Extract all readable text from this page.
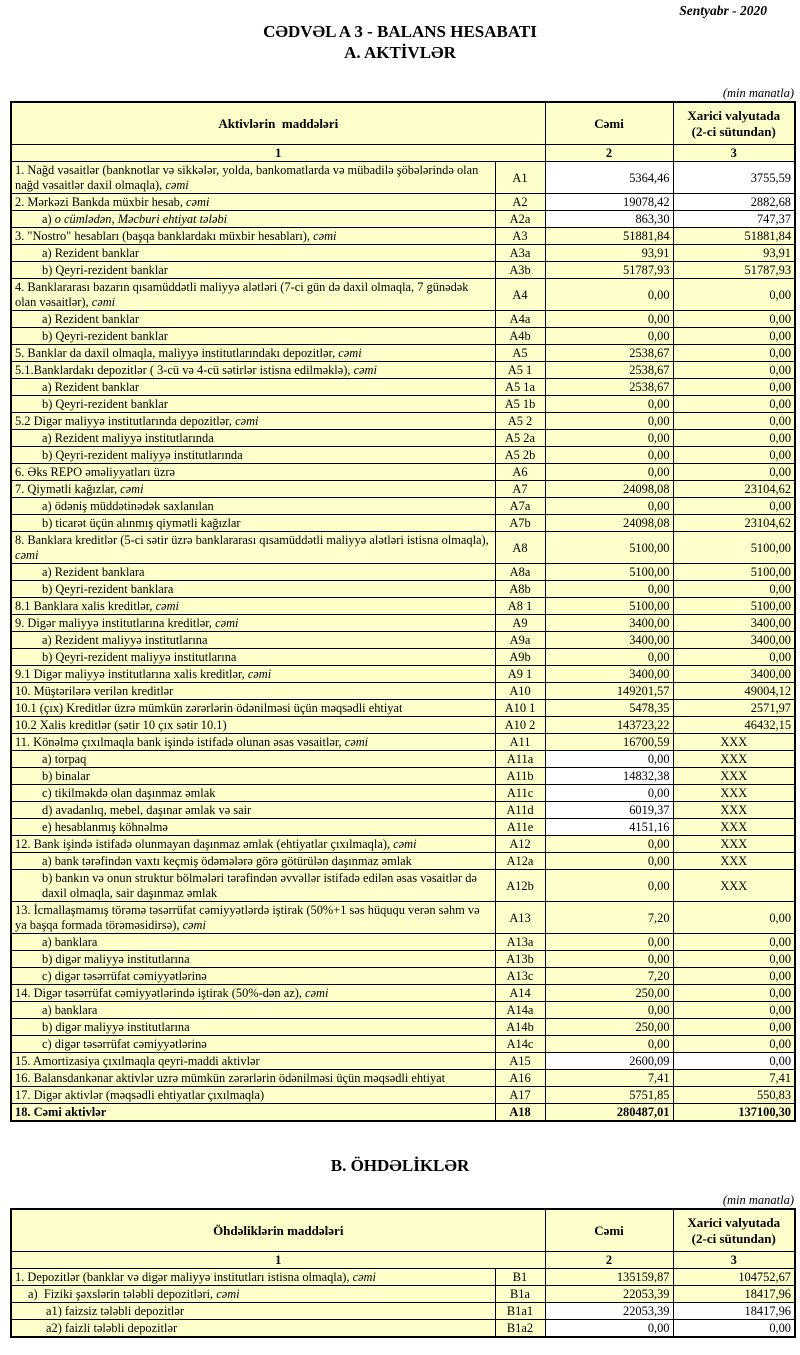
Sentyabr - 2020
CƏDVƏL A 3 - BALANS HESABATI
A. AKTİVLƏR
(min manatla)
Aktivlərin  maddələri		Cəmi	Xarici valyutada
(2-ci sütundan)

1		2	3
1. Nağd vəsaitlər (banknotlar və sikkələr, yolda, bankomatlarda və mübadilə şöbələrində olan nağd vəsaitlər daxil olmaqla), cəmi	A1	5364,46	3755,59
2. Mərkəzi Bankda müxbir hesab, cəmi	A2	19078,42	2882,68
a) o cümlədən, Məcburi ehtiyat tələbi	A2a	863,30	747,37
3. "Nostro" hesabları (başqa banklardakı müxbir hesabları), cəmi	A3	51881,84	51881,84
a) Rezident banklar	A3a	93,91	93,91
b) Qeyri-rezident banklar	A3b	51787,93	51787,93
4. Banklararası bazarın qısamüddətli maliyyə alətləri (7-ci gün də daxil olmaqla, 7 günədək olan vəsaitlər), cəmi	A4	0,00	0,00
a) Rezident banklar	A4a	0,00	0,00
b) Qeyri-rezident banklar	A4b	0,00	0,00
5. Banklar da daxil olmaqla, maliyyə institutlarındakı depozitlər, cəmi	A5	2538,67	0,00
5.1.Banklardakı depozitlər ( 3-cü və 4-cü sətirlər istisna edilməklə), cəmi	A5 1	2538,67	0,00
a) Rezident banklar	A5 1a	2538,67	0,00
b) Qeyri-rezident banklar	A5 1b	0,00	0,00
5.2 Digər maliyyə institutlarında depozitlər, cəmi	A5 2	0,00	0,00
a) Rezident maliyyə institutlarında	A5 2a	0,00	0,00
b) Qeyri-rezident maliyyə institutlarında	A5 2b	0,00	0,00
6. Əks REPO əməliyyatları üzrə	A6	0,00	0,00
7. Qiymətli kağızlar, cəmi	A7	24098,08	23104,62
a) ödəniş müddətinədək saxlanılan	A7a	0,00	0,00
b) ticarət üçün alınmış qiymətli kağızlar	A7b	24098,08	23104,62
8. Banklara kreditlər (5-ci sətir üzrə banklararası qısamüddətli maliyyə alətləri istisna olmaqla), cəmi	A8	5100,00	5100,00
a) Rezident banklara	A8a	5100,00	5100,00
b) Qeyri-rezident banklara	A8b	0,00	0,00
8.1 Banklara xalis kreditlər, cəmi	A8 1	5100,00	5100,00
9. Digər maliyyə institutlarına kreditlər, cəmi	A9	3400,00	3400,00
a) Rezident maliyyə institutlarına	A9a	3400,00	3400,00
b) Qeyri-rezident maliyyə institutlarına	A9b	0,00	0,00
9.1 Digər maliyyə institutlarına xalis kreditlər, cəmi	A9 1	3400,00	3400,00
10. Müştərilərə verilən kreditlər	A10	149201,57	49004,12
10.1 (çıx) Kreditlər üzrə mümkün zərərlərin ödənilməsi üçün məqsədli ehtiyat	A10 1	5478,35	2571,97
10.2 Xalis kreditlər (sətir 10 çıx sətir 10.1)	A10 2	143723,22	46432,15
11. Könəlmə çıxılmaqla bank işində istifadə olunan əsas vəsaitlər, cəmi	A11	16700,59	XXX
a) torpaq	A11a	0,00	XXX
b) binalar	A11b	14832,38	XXX
c) tikilməkdə olan daşınmaz əmlak	A11c	0,00	XXX
d) avadanlıq, mebel, daşınar əmlak və sair	A11d	6019,37	XXX
e) hesablanmış köhnəlmə	A11e	4151,16	XXX
12. Bank işində istifadə olunmayan daşınmaz əmlak (ehtiyatlar çıxılmaqla), cəmi	A12	0,00	XXX
a) bank tərəfindən vaxtı keçmiş ödəmələrə görə götürülən daşınmaz əmlak	A12a	0,00	XXX
b) bankın və onun struktur bölmələri tərəfindən əvvəllər istifadə edilən əsas vəsaitlər də daxil olmaqla, sair daşınmaz əmlak	A12b	0,00	XXX
13. İcmallaşmamış törəmə təsərrüfat cəmiyyətlərdə iştirak (50%+1 səs hüququ verən səhm və ya başqa formada törəməsidirsə), cəmi	A13	7,20	0,00
a) banklara	A13a	0,00	0,00
b) digər maliyyə institutlarına	A13b	0,00	0,00
c) digər təsərrüfat cəmiyyətlərinə	A13c	7,20	0,00
14. Digər təsərrüfat cəmiyyətlərində iştirak (50%-dən az), cəmi	A14	250,00	0,00
a) banklara	A14a	0,00	0,00
b) digər maliyyə institutlarına	A14b	250,00	0,00
c) digər təsərrüfat cəmiyyətlərinə	A14c	0,00	0,00
15. Amortizasiya çıxılmaqla qeyri-maddi aktivlər	A15	2600,09	0,00
16. Balansdankənar aktivlər uzrə mümkün zərərlərin ödənilməsi üçün məqsədli ehtiyat	A16	7,41	7,41
17. Digər aktivlər (məqsədli ehtiyatlar çıxılmaqla)	A17	5751,85	550,83
18. Cəmi aktivlər	A18	280487,01	137100,30
B. ÖHDƏLİKLƏR
(min manatla)
Öhdəliklərin maddələri		Cəmi	Xarici valyutada
(2-ci sütundan)

1		2	3
1. Depozitlər (banklar və digər maliyyə institutları istisna olmaqla), cəmi	B1	135159,87	104752,67
a)  Fiziki şəxslərin tələbli depozitləri, cəmi	B1a	22053,39	18417,96
a1) faizsiz tələbli depozitlər	B1a1	22053,39	18417,96
a2) faizli tələbli depozitlər	B1a2	0,00	0,00
